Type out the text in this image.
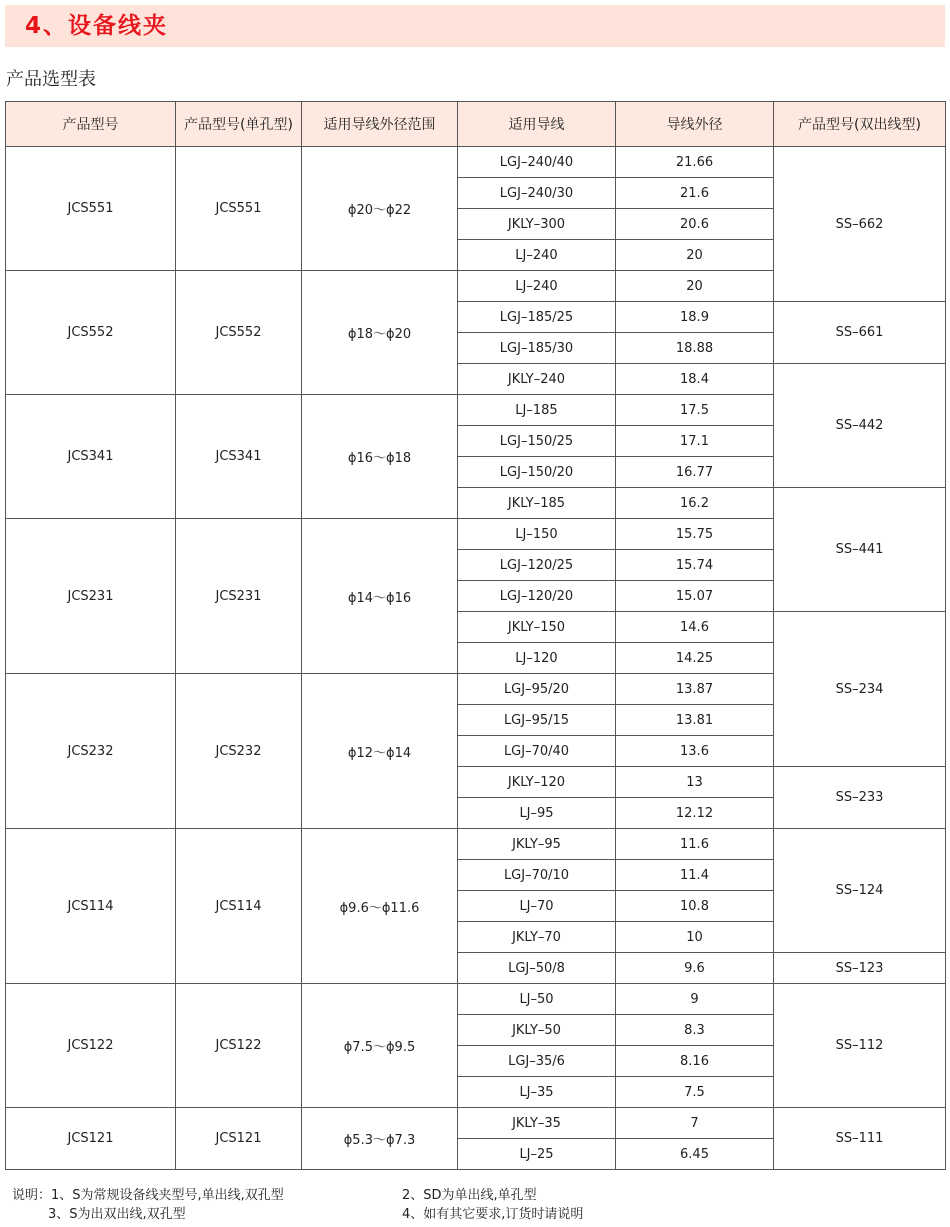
4、设备线夹
产品选型表
产品型号	产品型号(单孔型)	适用导线外径范围	适用导线	导线外径	产品型号(双出线型)
JCS551	JCS551	ϕ20～ϕ22	LGJ–240/40	21.66	SS–662
			LGJ–240/30	21.6	
			JKLY–300	20.6	
			LJ–240	20	
JCS552	JCS552	ϕ18～ϕ20	LJ–240	20	
			LGJ–185/25	18.9	SS–661
			LGJ–185/30	18.88	
			JKLY–240	18.4	SS–442
JCS341	JCS341	ϕ16～ϕ18	LJ–185	17.5	
			LGJ–150/25	17.1	
			LGJ–150/20	16.77	
			JKLY–185	16.2	SS–441
JCS231	JCS231	ϕ14～ϕ16	LJ–150	15.75	
			LGJ–120/25	15.74	
			LGJ–120/20	15.07	
			JKLY–150	14.6	SS–234
			LJ–120	14.25	
JCS232	JCS232	ϕ12～ϕ14	LGJ–95/20	13.87	
			LGJ–95/15	13.81	
			LGJ–70/40	13.6	
			JKLY–120	13	SS–233
			LJ–95	12.12	
JCS114	JCS114	ϕ9.6～ϕ11.6	JKLY–95	11.6	SS–124
			LGJ–70/10	11.4	
			LJ–70	10.8	
			JKLY–70	10	
			LGJ–50/8	9.6	SS–123
JCS122	JCS122	ϕ7.5～ϕ9.5	LJ–50	9	SS–112
			JKLY–50	8.3	
			LGJ–35/6	8.16	
			LJ–35	7.5	
JCS121	JCS121	ϕ5.3～ϕ7.3	JKLY–35	7	SS–111
			LJ–25	6.45	
说明：1、S为常规设备线夹型号,单出线,双孔型	2、SD为单出线,单孔型
3、S为出双出线,双孔型	4、如有其它要求,订货时请说明
